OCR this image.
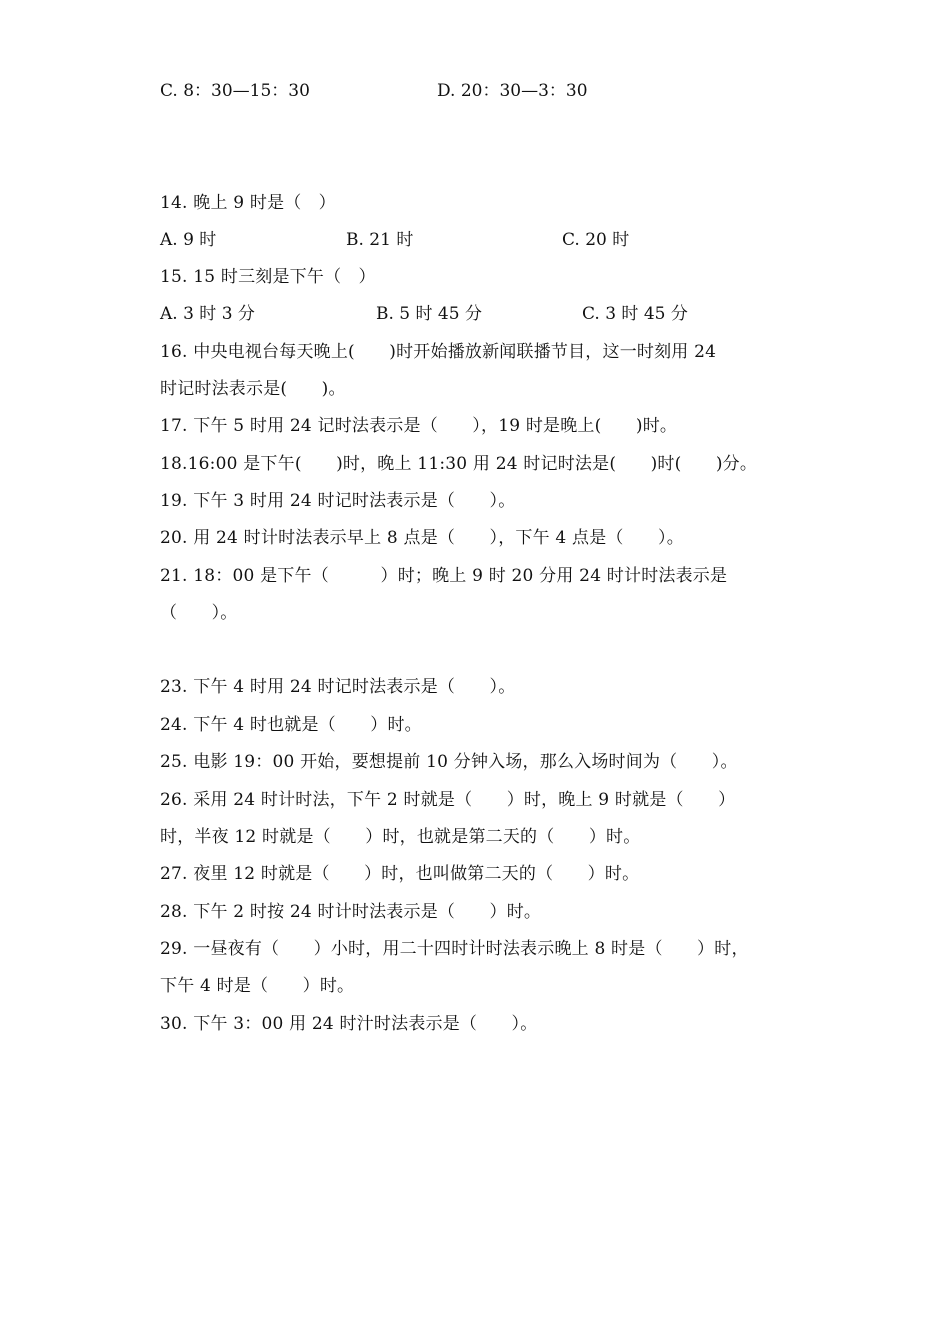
C. 8：30—15：30	D. 20：30—3：30
14. 晚上 9 时是（　）
A. 9 时	B. 21 时	C. 20 时
15. 15 时三刻是下午（　）
A. 3 时 3 分	B. 5 时 45 分	C. 3 时 45 分
16. 中央电视台每天晚上(　　)时开始播放新闻联播节目，这一时刻用 24
时记时法表示是(　　)。
17. 下午 5 时用 24 记时法表示是（　　），19 时是晚上(　　)时。
18.16:00 是下午(　　)时，晚上 11:30 用 24 时记时法是(　　)时(　　)分。
19. 下午 3 时用 24 时记时法表示是（　　）。
20. 用 24 时计时法表示早上 8 点是（　　），下午 4 点是（　　）。
21. 18：00 是下午（　　　）时；晚上 9 时 20 分用 24 时计时法表示是
（　　）。
23. 下午 4 时用 24 时记时法表示是（　　）。
24. 下午 4 时也就是（　　）时。
25. 电影 19：00 开始，要想提前 10 分钟入场，那么入场时间为（　　）。
26. 采用 24 时计时法，下午 2 时就是（　　）时，晚上 9 时就是（　　）
时，半夜 12 时就是（　　）时，也就是第二天的（　　）时。
27. 夜里 12 时就是（　　）时，也叫做第二天的（　　）时。
28. 下午 2 时按 24 时计时法表示是（　　）时。
29. 一昼夜有（　　）小时，用二十四时计时法表示晚上 8 时是（　　）时，
下午 4 时是（　　）时。
30. 下午 3：00 用 24 时汁时法表示是（　　）。
